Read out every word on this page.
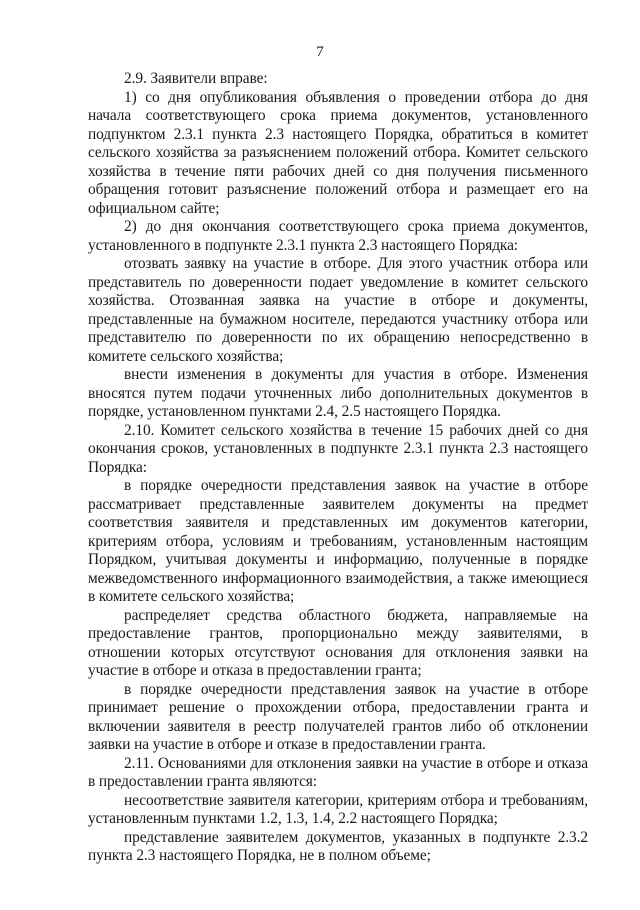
7

2.9. Заявители вправе:

1) со дня опубликования объявления о проведении отбора до дня начала соответствующего срока приема документов, установленного подпунктом 2.3.1 пункта 2.3 настоящего Порядка, обратиться в комитет сельского хозяйства за разъяснением положений отбора. Комитет сельского хозяйства в течение пяти рабочих дней со дня получения письменного обращения готовит разъяснение положений отбора и размещает его на официальном сайте;

2) до дня окончания соответствующего срока приема документов, установленного в подпункте 2.3.1 пункта 2.3 настоящего Порядка:

отозвать заявку на участие в отборе. Для этого участник отбора или представитель по доверенности подает уведомление в комитет сельского хозяйства. Отозванная заявка на участие в отборе и документы, представленные на бумажном носителе, передаются участнику отбора или представителю по доверенности по их обращению непосредственно в комитете сельского хозяйства;

внести изменения в документы для участия в отборе. Изменения вносятся путем подачи уточненных либо дополнительных документов в порядке, установленном пунктами 2.4, 2.5 настоящего Порядка.

2.10. Комитет сельского хозяйства в течение 15 рабочих дней со дня окончания сроков, установленных в подпункте 2.3.1 пункта 2.3 настоящего Порядка:

в порядке очередности представления заявок на участие в отборе рассматривает представленные заявителем документы на предмет соответствия заявителя и представленных им документов категории, критериям отбора, условиям и требованиям, установленным настоящим Порядком, учитывая документы и информацию, полученные в порядке межведомственного информационного взаимодействия, а также имеющиеся в комитете сельского хозяйства;

распределяет средства областного бюджета, направляемые на предоставление грантов, пропорционально между заявителями, в отношении которых отсутствуют основания для отклонения заявки на участие в отборе и отказа в предоставлении гранта;

в порядке очередности представления заявок на участие в отборе принимает решение о прохождении отбора, предоставлении гранта и включении заявителя в реестр получателей грантов либо об отклонении заявки на участие в отборе и отказе в предоставлении гранта.

2.11. Основаниями для отклонения заявки на участие в отборе и отказа в предоставлении гранта являются:

несоответствие заявителя категории, критериям отбора и требованиям, установленным пунктами 1.2, 1.3, 1.4, 2.2 настоящего Порядка;

представление заявителем документов, указанных в подпункте 2.3.2 пункта 2.3 настоящего Порядка, не в полном объеме;
